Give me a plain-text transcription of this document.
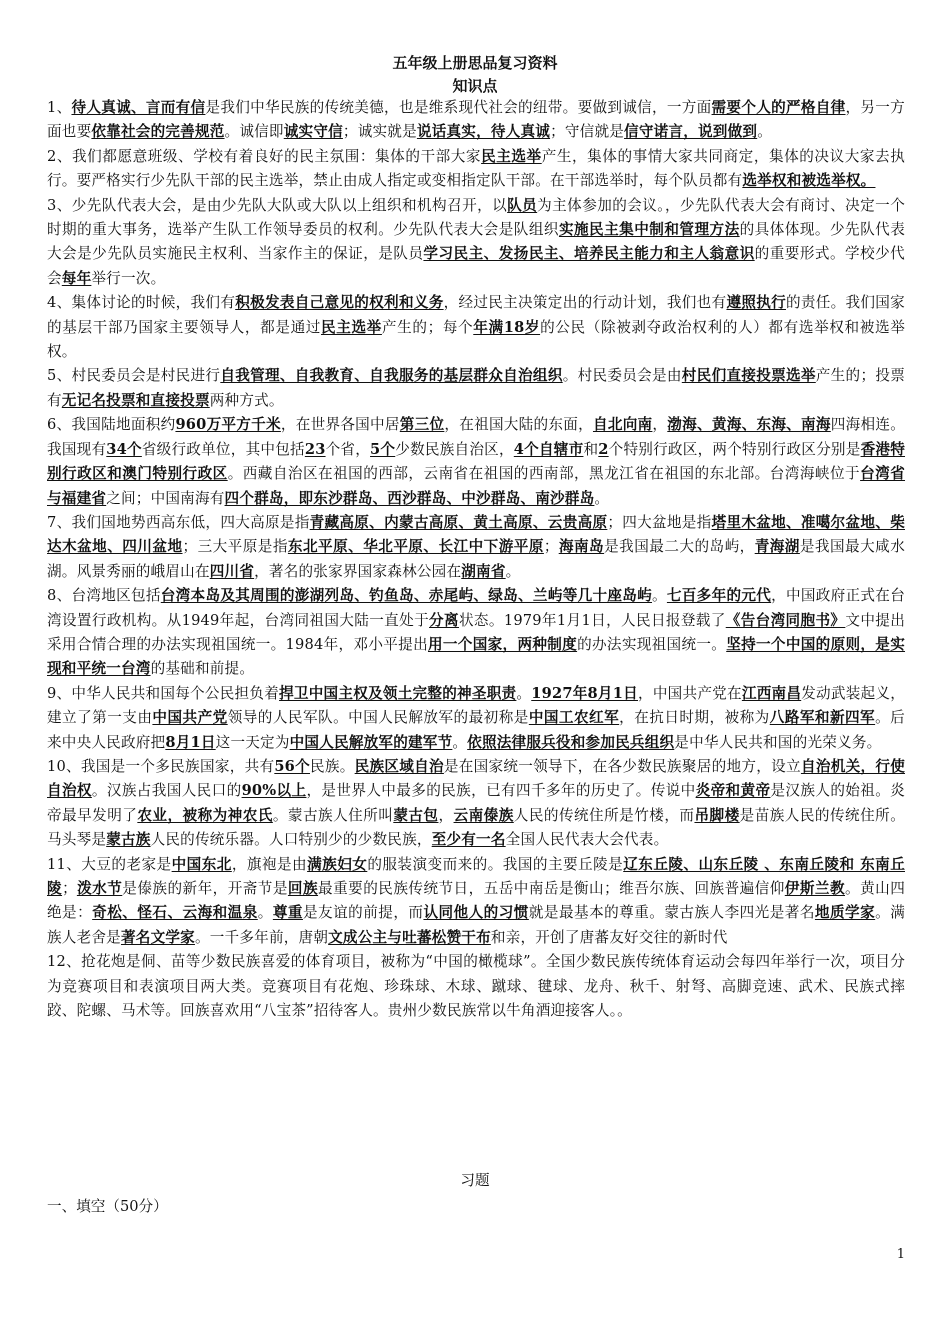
五年级上册思品复习资料
知识点

1、待人真诚、言而有信是我们中华民族的传统美德，也是维系现代社会的纽带。要做到诚信，一方面需要个人的严格自律，另一方面也要依靠社会的完善规范。诚信即诚实守信；诚实就是说话真实，待人真诚；守信就是信守诺言，说到做到。

2、我们都愿意班级、学校有着良好的民主氛围：集体的干部大家民主选举产生，集体的事情大家共同商定，集体的决议大家去执行。要严格实行少先队干部的民主选举，禁止由成人指定或变相指定队干部。在干部选举时，每个队员都有选举权和被选举权。

3、少先队代表大会，是由少先队大队或大队以上组织和机构召开，以队员为主体参加的会议。，少先队代表大会有商讨、决定一个时期的重大事务，选举产生队工作领导委员的权利。少先队代表大会是队组织实施民主集中制和管理方法的具体体现。少先队代表大会是少先队员实施民主权利、当家作主的保证，是队员学习民主、发扬民主、培养民主能力和主人翁意识的重要形式。学校少代会每年举行一次。

4、集体讨论的时候，我们有积极发表自己意见的权利和义务，经过民主决策定出的行动计划，我们也有遵照执行的责任。我们国家的基层干部乃国家主要领导人，都是通过民主选举产生的；每个年满18岁的公民（除被剥夺政治权利的人）都有选举权和被选举权。

5、村民委员会是村民进行自我管理、自我教育、自我服务的基层群众自治组织。村民委员会是由村民们直接投票选举产生的；投票有无记名投票和直接投票两种方式。

6、我国陆地面积约960万平方千米，在世界各国中居第三位，在祖国大陆的东面，自北向南，渤海、黄海、东海、南海四海相连。我国现有34个省级行政单位，其中包括23个省，5个少数民族自治区，4个自辖市和2个特别行政区，两个特别行政区分别是香港特别行政区和澳门特别行政区。西藏自治区在祖国的西部，云南省在祖国的西南部，黑龙江省在祖国的东北部。台湾海峡位于台湾省与福建省之间；中国南海有四个群岛，即东沙群岛、西沙群岛、中沙群岛、南沙群岛。

7、我们国地势西高东低，四大高原是指青藏高原、内蒙古高原、黄土高原、云贵高原；四大盆地是指塔里木盆地、准噶尔盆地、柴达木盆地、四川盆地；三大平原是指东北平原、华北平原、长江中下游平原；海南岛是我国最二大的岛屿，青海湖是我国最大咸水湖。风景秀丽的峨眉山在四川省，著名的张家界国家森林公园在湖南省。

8、台湾地区包括台湾本岛及其周围的澎湖列岛、钓鱼岛、赤尾屿、绿岛、兰屿等几十座岛屿。七百多年的元代，中国政府正式在台湾设置行政机构。从1949年起，台湾同祖国大陆一直处于分离状态。1979年1月1日，人民日报登载了《告台湾同胞书》文中提出采用合情合理的办法实现祖国统一。1984年，邓小平提出用一个国家，两种制度的办法实现祖国统一。坚持一个中国的原则，是实现和平统一台湾的基础和前提。

9、中华人民共和国每个公民担负着捍卫中国主权及领土完整的神圣职责。1927年8月1日，中国共产党在江西南昌发动武装起义，建立了第一支由中国共产党领导的人民军队。中国人民解放军的最初称是中国工农红军，在抗日时期，被称为八路军和新四军。后来中央人民政府把8月1日这一天定为中国人民解放军的建军节。依照法律服兵役和参加民兵组织是中华人民共和国的光荣义务。

10、我国是一个多民族国家，共有56个民族。民族区域自治是在国家统一领导下，在各少数民族聚居的地方，设立自治机关，行使自治权。汉族占我国人民口的90%以上，是世界人中最多的民族，已有四千多年的历史了。传说中炎帝和黄帝是汉族人的始祖。炎帝最早发明了农业，被称为神农氏。蒙古族人住所叫蒙古包，云南傣族人民的传统住所是竹楼，而吊脚楼是苗族人民的传统住所。马头琴是蒙古族人民的传统乐器。人口特别少的少数民族，至少有一名全国人民代表大会代表。

11、大豆的老家是中国东北，旗袍是由满族妇女的服装演变而来的。我国的主要丘陵是辽东丘陵、山东丘陵 、东南丘陵和 东南丘陵；泼水节是傣族的新年，开斋节是回族最重要的民族传统节日，五岳中南岳是衡山；维吾尔族、回族普遍信仰伊斯兰教。黄山四绝是：奇松、怪石、云海和温泉。尊重是友谊的前提，而认同他人的习惯就是最基本的尊重。蒙古族人李四光是著名地质学家。满族人老舍是著名文学家。一千多年前，唐朝文成公主与吐蕃松赞干布和亲，开创了唐蕃友好交往的新时代

12、抢花炮是侗、苗等少数民族喜爱的体育项目，被称为“中国的橄榄球”。全国少数民族传统体育运动会每四年举行一次，项目分为竞赛项目和表演项目两大类。竞赛项目有花炮、珍珠球、木球、蹴球、毽球、龙舟、秋千、射弩、高脚竞速、武术、民族式摔跤、陀螺、马术等。回族喜欢用“八宝茶”招待客人。贵州少数民族常以牛角酒迎接客人。。

习题
一、填空（50分）
1
